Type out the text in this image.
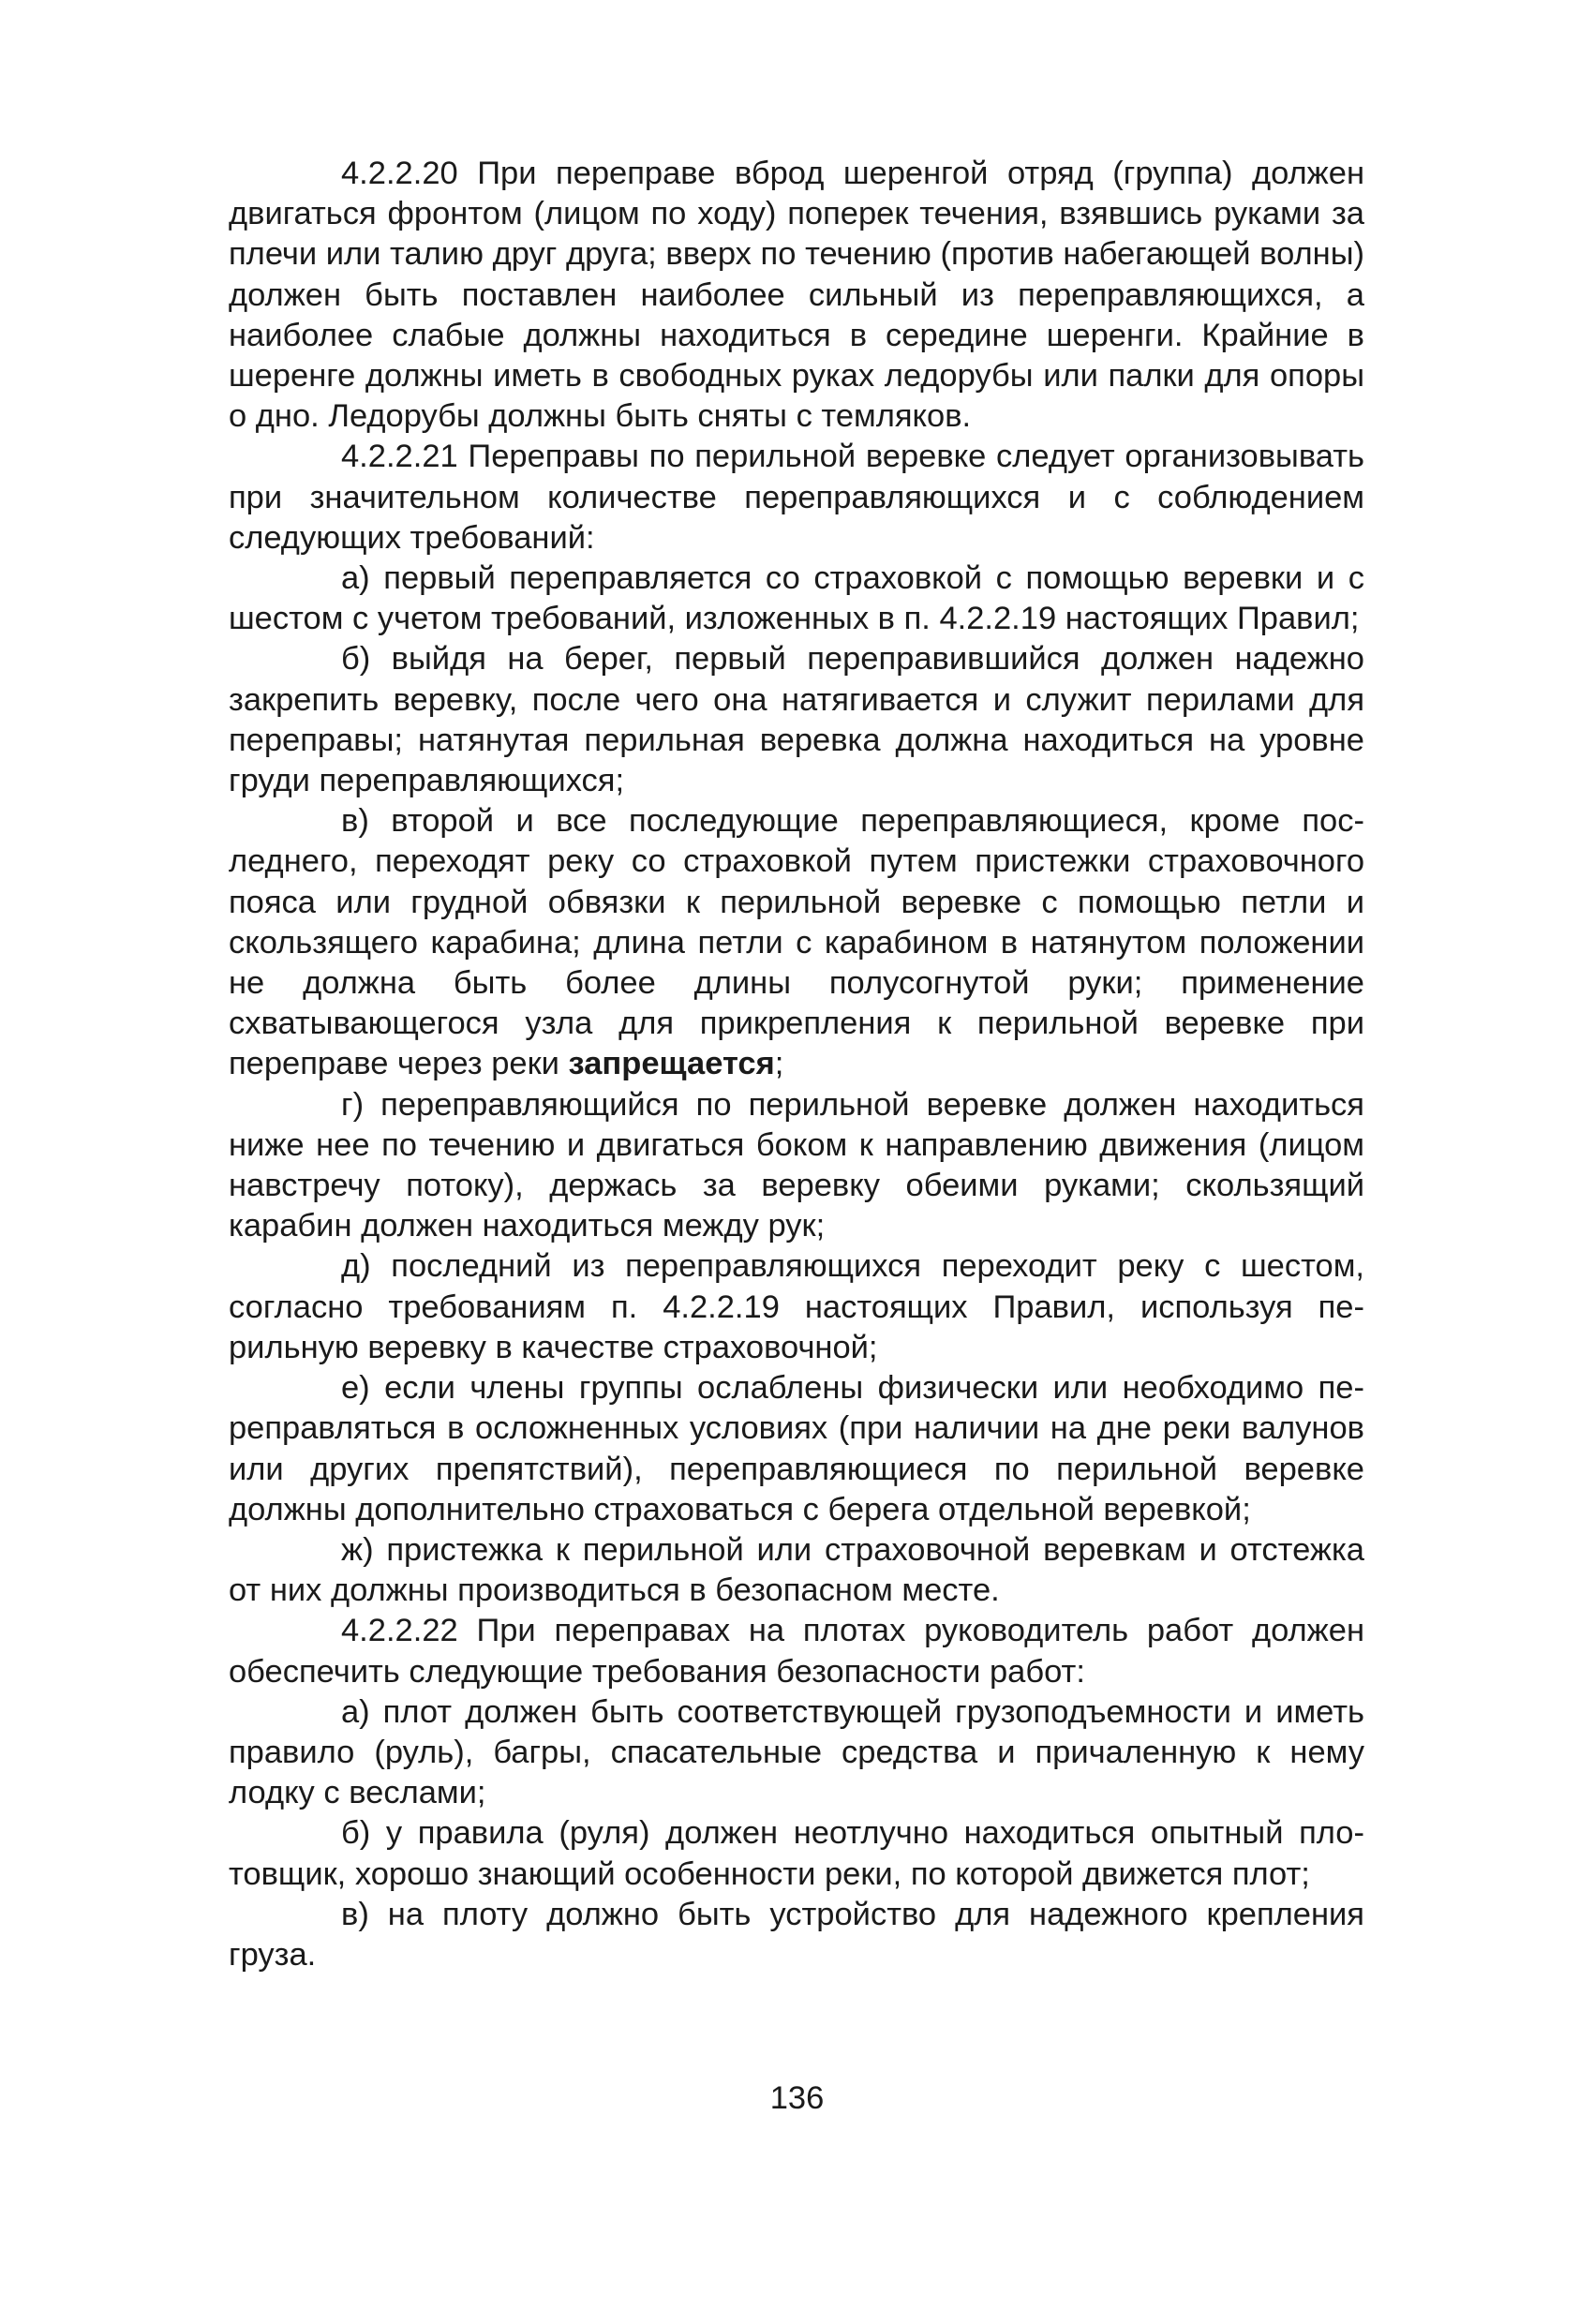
4.2.2.20 При переправе вброд шеренгой отряд (группа) должен двигаться фронтом (лицом по ходу) поперек течения, взявшись руками за плечи или талию друг друга; вверх по течению (против набегающей волны) должен быть поставлен наиболее сильный из переправляющихся, а наиболее слабые должны находиться в середине шеренги. Крайние в шеренге должны иметь в свободных руках ледорубы или палки для опоры о дно. Ледорубы должны быть сняты с темляков.

4.2.2.21 Переправы по перильной веревке следует организовывать при значительном количестве переправляющихся и с соблюдением следующих требований:

а) первый переправляется со страховкой с помощью веревки и с шестом с учетом требований, изложенных в п. 4.2.2.19 настоящих Правил;

б) выйдя на берег, первый переправившийся должен надежно закрепить веревку, после чего она натягивается и служит перилами для переправы; натянутая перильная веревка должна находиться на уровне груди переправляющихся;

в) второй и все последующие переправляющиеся, кроме последнего, переходят реку со страховкой путем пристежки страховочного пояса или грудной обвязки к перильной веревке с помощью петли и скользящего карабина; длина петли с карабином в натянутом положении не должна быть более длины полусогнутой руки; применение схватывающегося узла для прикрепления к перильной веревке при переправе через реки запрещается;

г) переправляющийся по перильной веревке должен находиться ниже нее по течению и двигаться боком к направлению движения (лицом навстречу потоку), держась за веревку обеими руками; скользящий карабин должен находиться между рук;

д) последний из переправляющихся переходит реку с шестом, согласно требованиям п. 4.2.2.19 настоящих Правил, используя перильную веревку в качестве страховочной;

е) если члены группы ослаблены физически или необходимо переправляться в осложненных условиях (при наличии на дне реки валунов или других препятствий), переправляющиеся по перильной веревке должны дополнительно страховаться с берега отдельной веревкой;

ж) пристежка к перильной или страховочной веревкам и отстежка от них должны производиться в безопасном месте.

4.2.2.22 При переправах на плотах руководитель работ должен обеспечить следующие требования безопасности работ:

а) плот должен быть соответствующей грузоподъемности и иметь правило (руль), багры, спасательные средства и причаленную к нему лодку с веслами;

б) у правила (руля) должен неотлучно находиться опытный плотовщик, хорошо знающий особенности реки, по которой движется плот;

в) на плоту должно быть устройство для надежного крепления груза.

136
